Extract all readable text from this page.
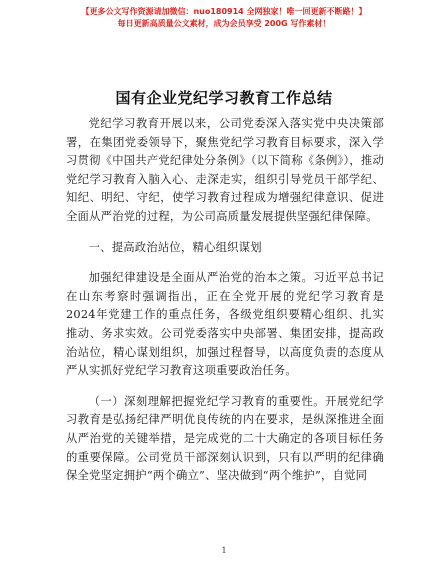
【更多公文写作资源请加微信：nuo180914 全网独家！唯一回更新不断路！】
每日更新高质量公文素材，成为会员享受 200G 写作素材！
国有企业党纪学习教育工作总结

党纪学习教育开展以来，公司党委深入落实党中央决策部署，在集团党委领导下，聚焦党纪学习教育目标要求，深入学习贯彻《中国共产党纪律处分条例》（以下简称《条例》），推动党纪学习教育入脑入心、走深走实，组织引导党员干部学纪、知纪、明纪、守纪，使学习教育过程成为增强纪律意识、促进全面从严治党的过程，为公司高质量发展提供坚强纪律保障。

一、提高政治站位，精心组织谋划

加强纪律建设是全面从严治党的治本之策。习近平总书记在山东考察时强调指出，正在全党开展的党纪学习教育是2024年党建工作的重点任务，各级党组织要精心组织、扎实推动、务求实效。公司党委落实中央部署、集团安排，提高政治站位，精心谋划组织，加强过程督导，以高度负责的态度从严从实抓好党纪学习教育这项重要政治任务。

（一）深刻理解把握党纪学习教育的重要性。开展党纪学习教育是弘扬纪律严明优良传统的内在要求，是纵深推进全面从严治党的关键举措，是完成党的二十大确定的各项目标任务的重要保障。公司党员干部深刻认识到，只有以严明的纪律确保全党坚定拥护“两个确立”、坚决做到“两个维护”，自觉同

1
